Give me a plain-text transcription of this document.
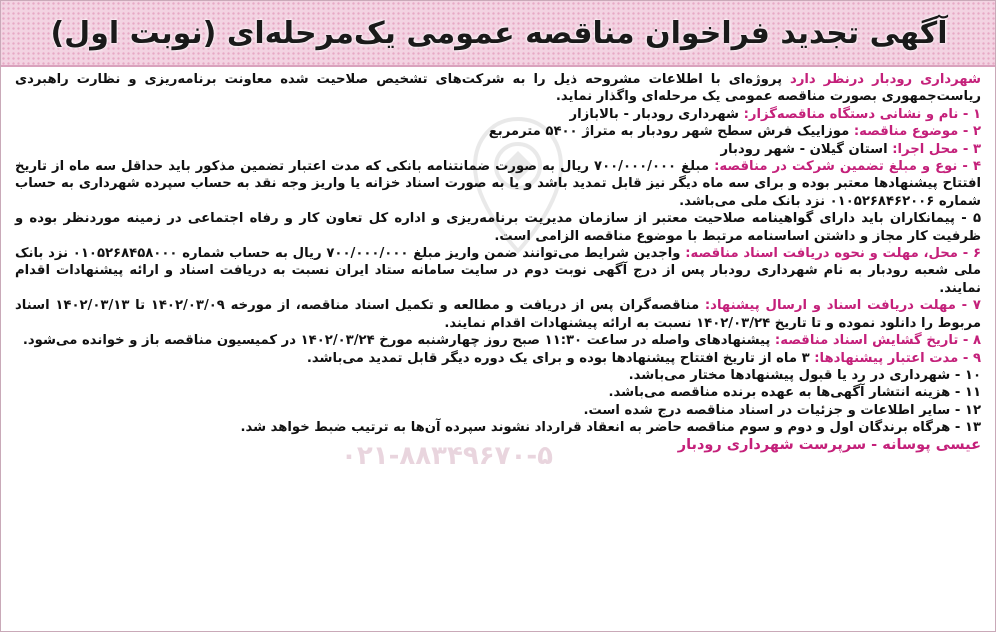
آگهی تجدید فراخوان مناقصه عمومی یک‌مرحله‌ای (نوبت اول)
۰۲۱-۸۸۳۴۹۶۷۰-۵

شهرداری رودبار درنظر دارد پروژه‌ای با اطلاعات مشروحه ذیل را به شرکت‌های تشخیص صلاحیت شده معاونت برنامه‌ریزی و نظارت راهبردی ریاست‌جمهوری بصورت مناقصه عمومی یک مرحله‌ای واگذار نماید.

۱ - نام و نشانی دستگاه مناقصه‌گزار: شهرداری رودبار - بالابازار

۲ - موضوع مناقصه: موزاییک فرش سطح شهر رودبار به متراژ ۵۴۰۰ مترمربع

۳ - محل اجرا: استان گیلان - شهر رودبار

۴ - نوع و مبلغ تضمین شرکت در مناقصه: مبلغ ۷۰۰/۰۰۰/۰۰۰ ریال به صورت ضمانتنامه بانکی که مدت اعتبار تضمین مذکور باید حداقل سه ماه از تاریخ افتتاح پیشنهادها معتبر بوده و برای سه ماه دیگر نیز قابل تمدید باشد و یا به صورت اسناد خزانه یا واریز وجه نقد به حساب سپرده شهرداری به حساب شماره ۰۱۰۵۲۶۸۴۶۲۰۰۶ نزد بانک ملی می‌باشد.

۵ - پیمانکاران باید دارای گواهینامه صلاحیت معتبر از سازمان مدیریت برنامه‌ریزی و اداره کل تعاون کار و رفاه اجتماعی در زمینه موردنظر بوده و ظرفیت کار مجاز و داشتن اساسنامه مرتبط با موضوع مناقصه الزامی است.

۶ - محل، مهلت و نحوه دریافت اسناد مناقصه: واجدین شرایط می‌توانند ضمن واریز مبلغ ۷۰۰/۰۰۰/۰۰۰ ریال به حساب شماره ۰۱۰۵۲۶۸۴۵۸۰۰۰ نزد بانک ملی شعبه رودبار به نام شهرداری رودبار پس از درج آگهی نوبت دوم در سایت سامانه ستاد ایران نسبت به دریافت اسناد و ارائه پیشنهادات اقدام نمایند.

۷ - مهلت دریافت اسناد و ارسال پیشنهاد: مناقصه‌گران پس از دریافت و مطالعه و تکمیل اسناد مناقصه، از مورخه ۱۴۰۲/۰۳/۰۹ تا ۱۴۰۲/۰۳/۱۳ اسناد مربوط را دانلود نموده و تا تاریخ ۱۴۰۲/۰۳/۲۴ نسبت به ارائه پیشنهادات اقدام نمایند.

۸ - تاریخ گشایش اسناد مناقصه: پیشنهادهای واصله در ساعت ۱۱:۳۰ صبح روز چهارشنبه مورخ ۱۴۰۲/۰۳/۲۴ در کمیسیون مناقصه باز و خوانده می‌شود.

۹ - مدت اعتبار پیشنهادها: ۳ ماه از تاریخ افتتاح پیشنهادها بوده و برای یک دوره دیگر قابل تمدید می‌باشد.

۱۰ - شهرداری در رد یا قبول پیشنهادها مختار می‌باشد.

۱۱ - هزینه انتشار آگهی‌ها به عهده برنده مناقصه می‌باشد.

۱۲ - سایر اطلاعات و جزئیات در اسناد مناقصه درج شده است.

۱۳ - هرگاه برندگان اول و دوم و سوم مناقصه حاضر به انعقاد قرارداد نشوند سپرده آن‌ها به ترتیب ضبط خواهد شد.

عیسی پوسانه - سرپرست شهرداری رودبار
